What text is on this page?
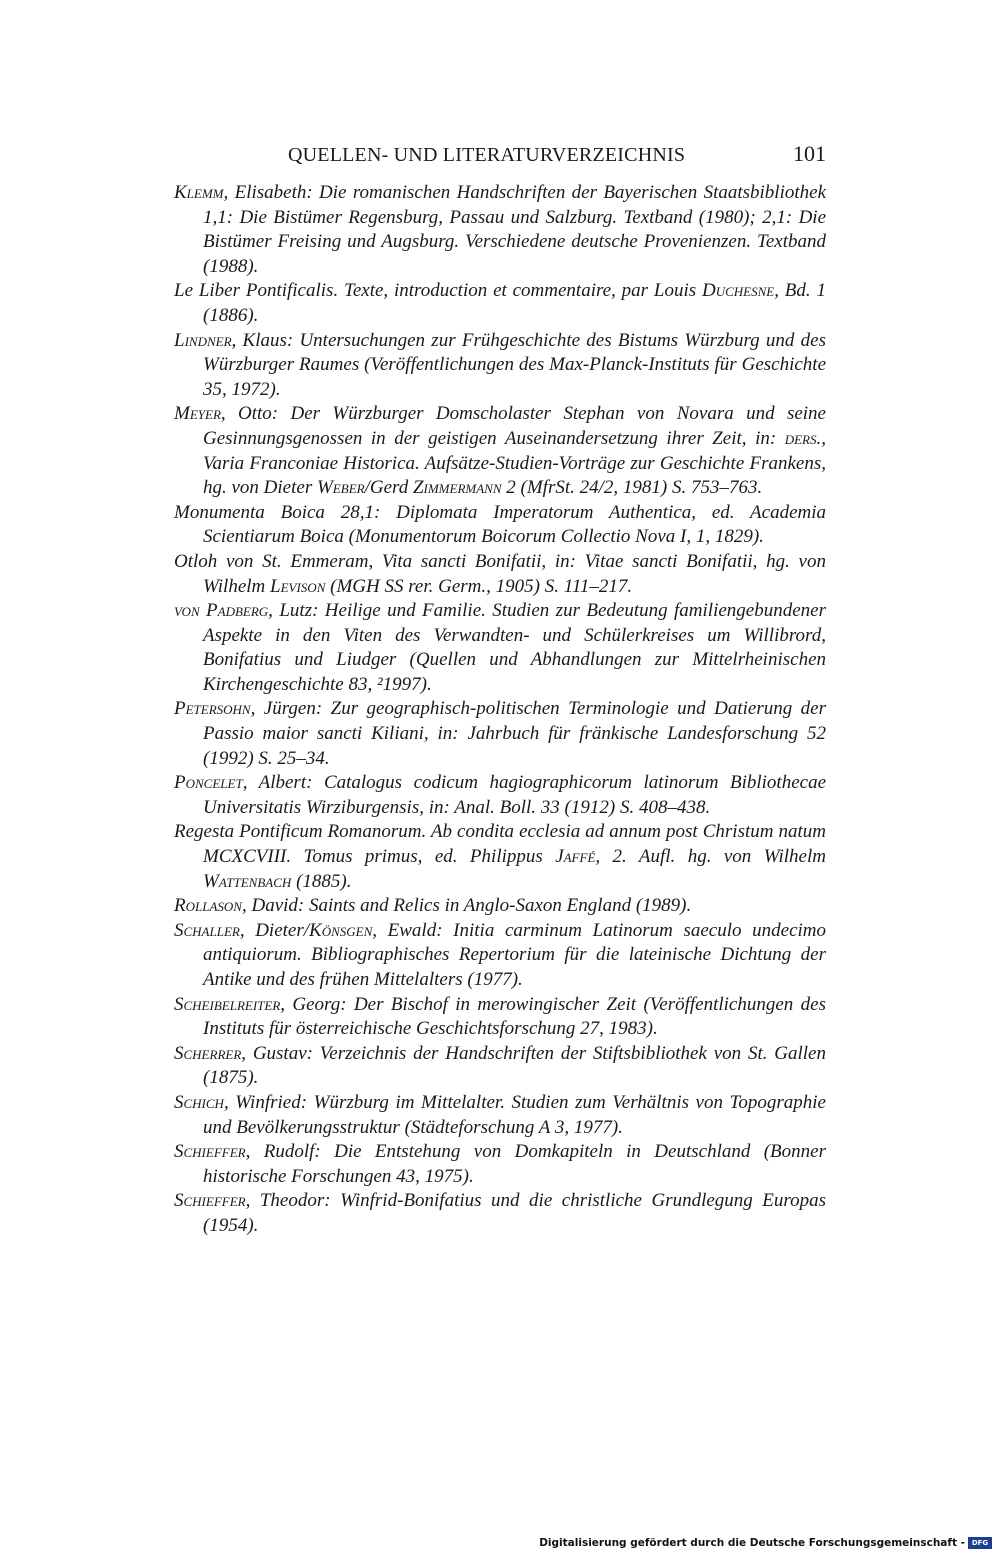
QUELLEN- UND LITERATURVERZEICHNIS	101

Klemm, Elisabeth: Die romanischen Handschriften der Bayerischen Staatsbibliothek 1,1: Die Bistümer Regensburg, Passau und Salzburg. Textband (1980); 2,1: Die Bistümer Freising und Augsburg. Verschiedene deutsche Provenienzen. Textband (1988).

Le Liber Pontificalis. Texte, introduction et commentaire, par Louis Duchesne, Bd. 1 (1886).

Lindner, Klaus: Untersuchungen zur Frühgeschichte des Bistums Würzburg und des Würzburger Raumes (Veröffentlichungen des Max-Planck-Instituts für Geschichte 35, 1972).

Meyer, Otto: Der Würzburger Domscholaster Stephan von Novara und seine Gesinnungsgenossen in der geistigen Auseinandersetzung ihrer Zeit, in: ders., Varia Franconiae Historica. Aufsätze-Studien-Vorträge zur Geschichte Frankens, hg. von Dieter Weber/Gerd Zimmermann 2 (MfrSt. 24/2, 1981) S. 753–763.

Monumenta Boica 28,1: Diplomata Imperatorum Authentica, ed. Academia Scientiarum Boica (Monumentorum Boicorum Collectio Nova I, 1, 1829).

Otloh von St. Emmeram, Vita sancti Bonifatii, in: Vitae sancti Bonifatii, hg. von Wilhelm Levison (MGH SS rer. Germ., 1905) S. 111–217.

von Padberg, Lutz: Heilige und Familie. Studien zur Bedeutung familiengebundener Aspekte in den Viten des Verwandten- und Schülerkreises um Willibrord, Bonifatius und Liudger (Quellen und Abhandlungen zur Mittelrheinischen Kirchengeschichte 83, ²1997).

Petersohn, Jürgen: Zur geographisch-politischen Terminologie und Datierung der Passio maior sancti Kiliani, in: Jahrbuch für fränkische Landesforschung 52 (1992) S. 25–34.

Poncelet, Albert: Catalogus codicum hagiographicorum latinorum Bibliothecae Universitatis Wirziburgensis, in: Anal. Boll. 33 (1912) S. 408–438.

Regesta Pontificum Romanorum. Ab condita ecclesia ad annum post Christum natum MCXCVIII. Tomus primus, ed. Philippus Jaffé, 2. Aufl. hg. von Wilhelm Wattenbach (1885).

Rollason, David: Saints and Relics in Anglo-Saxon England (1989).

Schaller, Dieter/Könsgen, Ewald: Initia carminum Latinorum saeculo undecimo antiquiorum. Bibliographisches Repertorium für die lateinische Dichtung der Antike und des frühen Mittelalters (1977).

Scheibelreiter, Georg: Der Bischof in merowingischer Zeit (Veröffentlichungen des Instituts für österreichische Geschichtsforschung 27, 1983).

Scherrer, Gustav: Verzeichnis der Handschriften der Stiftsbibliothek von St. Gallen (1875).

Schich, Winfried: Würzburg im Mittelalter. Studien zum Verhältnis von Topographie und Bevölkerungsstruktur (Städteforschung A 3, 1977).

Schieffer, Rudolf: Die Entstehung von Domkapiteln in Deutschland (Bonner historische Forschungen 43, 1975).

Schieffer, Theodor: Winfrid-Bonifatius und die christliche Grundlegung Europas (1954).

Digitalisierung gefördert durch die Deutsche Forschungsgemeinschaft - DFG
